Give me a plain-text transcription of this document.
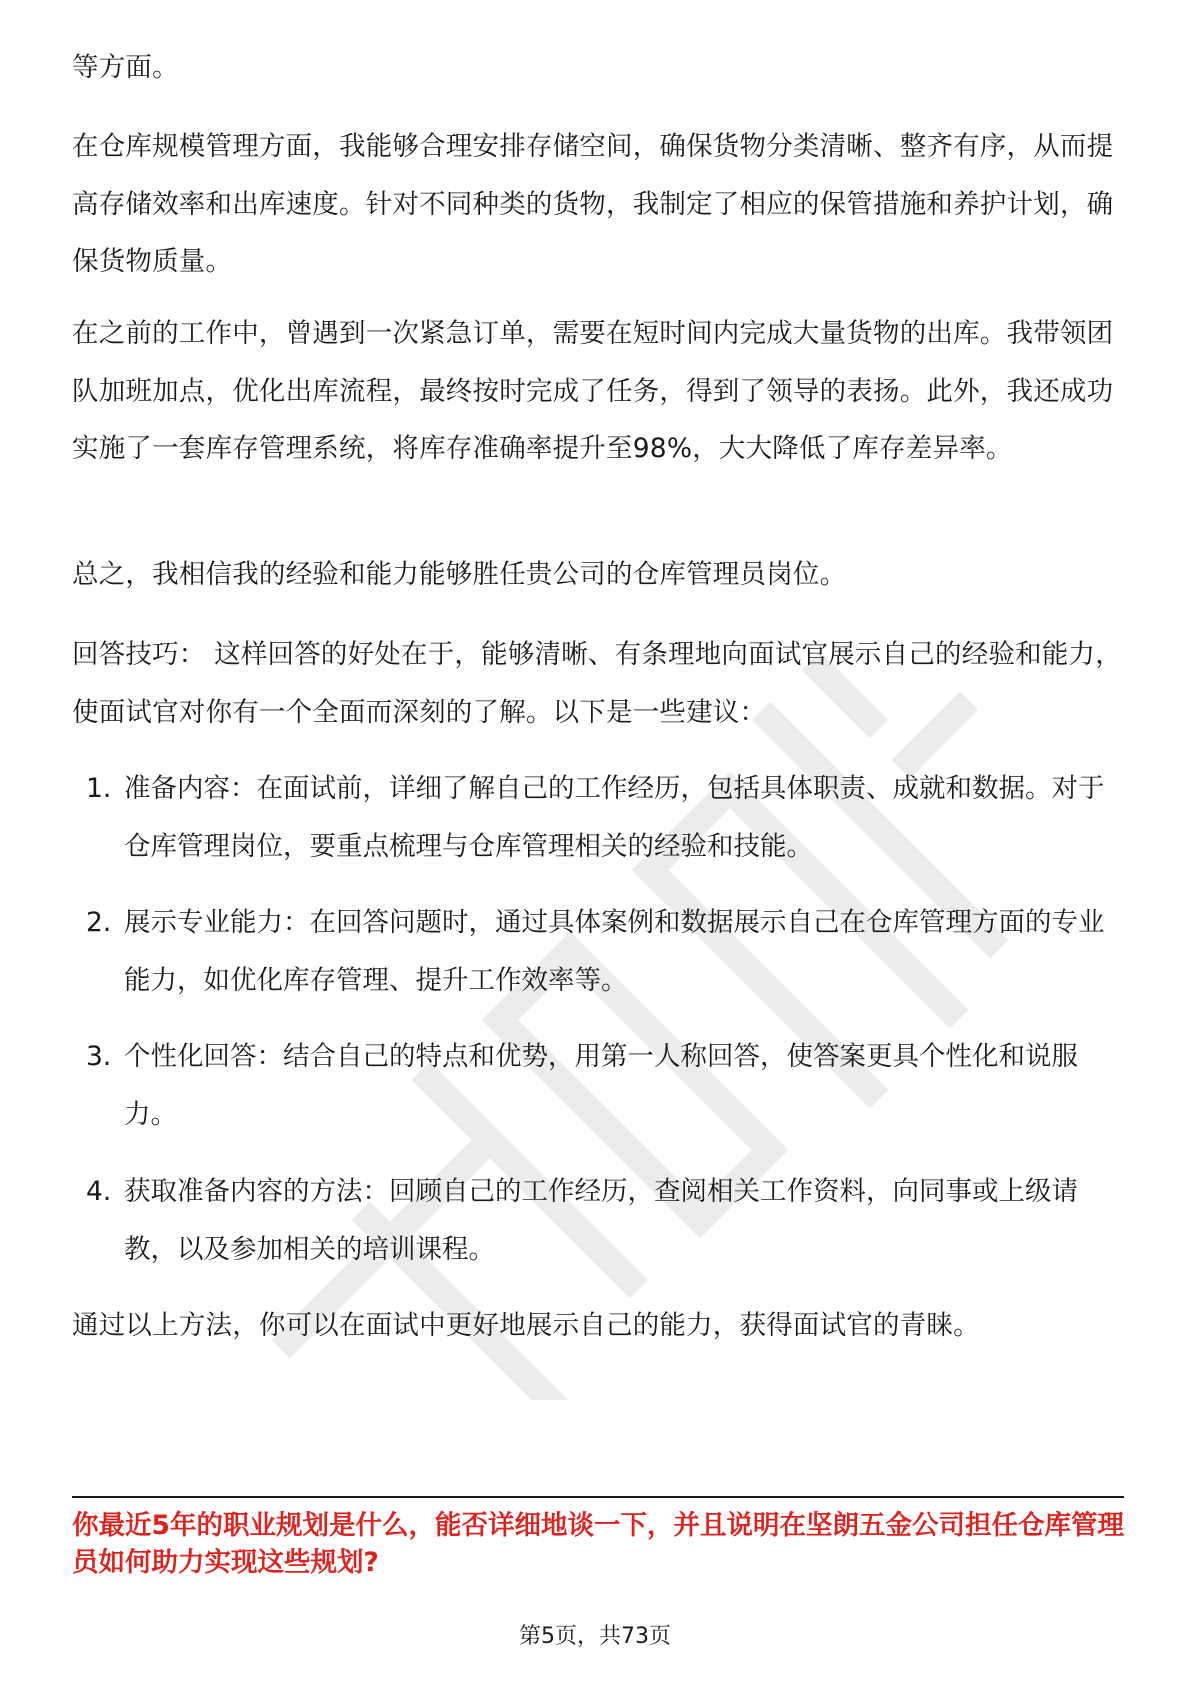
等方面。

在仓库规模管理方面，我能够合理安排存储空间，确保货物分类清晰、整齐有序，从而提高存储效率和出库速度。针对不同种类的货物，我制定了相应的保管措施和养护计划，确保货物质量。

在之前的工作中，曾遇到一次紧急订单，需要在短时间内完成大量货物的出库。我带领团队加班加点，优化出库流程，最终按时完成了任务，得到了领导的表扬。此外，我还成功实施了一套库存管理系统，将库存准确率提升至98%，大大降低了库存差异率。

总之，我相信我的经验和能力能够胜任贵公司的仓库管理员岗位。

回答技巧： 这样回答的好处在于，能够清晰、有条理地向面试官展示自己的经验和能力，使面试官对你有一个全面而深刻的了解。以下是一些建议：

1. 准备内容：在面试前，详细了解自己的工作经历，包括具体职责、成就和数据。对于仓库管理岗位，要重点梳理与仓库管理相关的经验和技能。
2. 展示专业能力：在回答问题时，通过具体案例和数据展示自己在仓库管理方面的专业能力，如优化库存管理、提升工作效率等。
3. 个性化回答：结合自己的特点和优势，用第一人称回答，使答案更具个性化和说服力。
4. 获取准备内容的方法：回顾自己的工作经历，查阅相关工作资料，向同事或上级请教，以及参加相关的培训课程。

通过以上方法，你可以在面试中更好地展示自己的能力，获得面试官的青睐。

你最近5年的职业规划是什么，能否详细地谈一下，并且说明在坚朗五金公司担任仓库管理员如何助力实现这些规划?

第5页，共73页
